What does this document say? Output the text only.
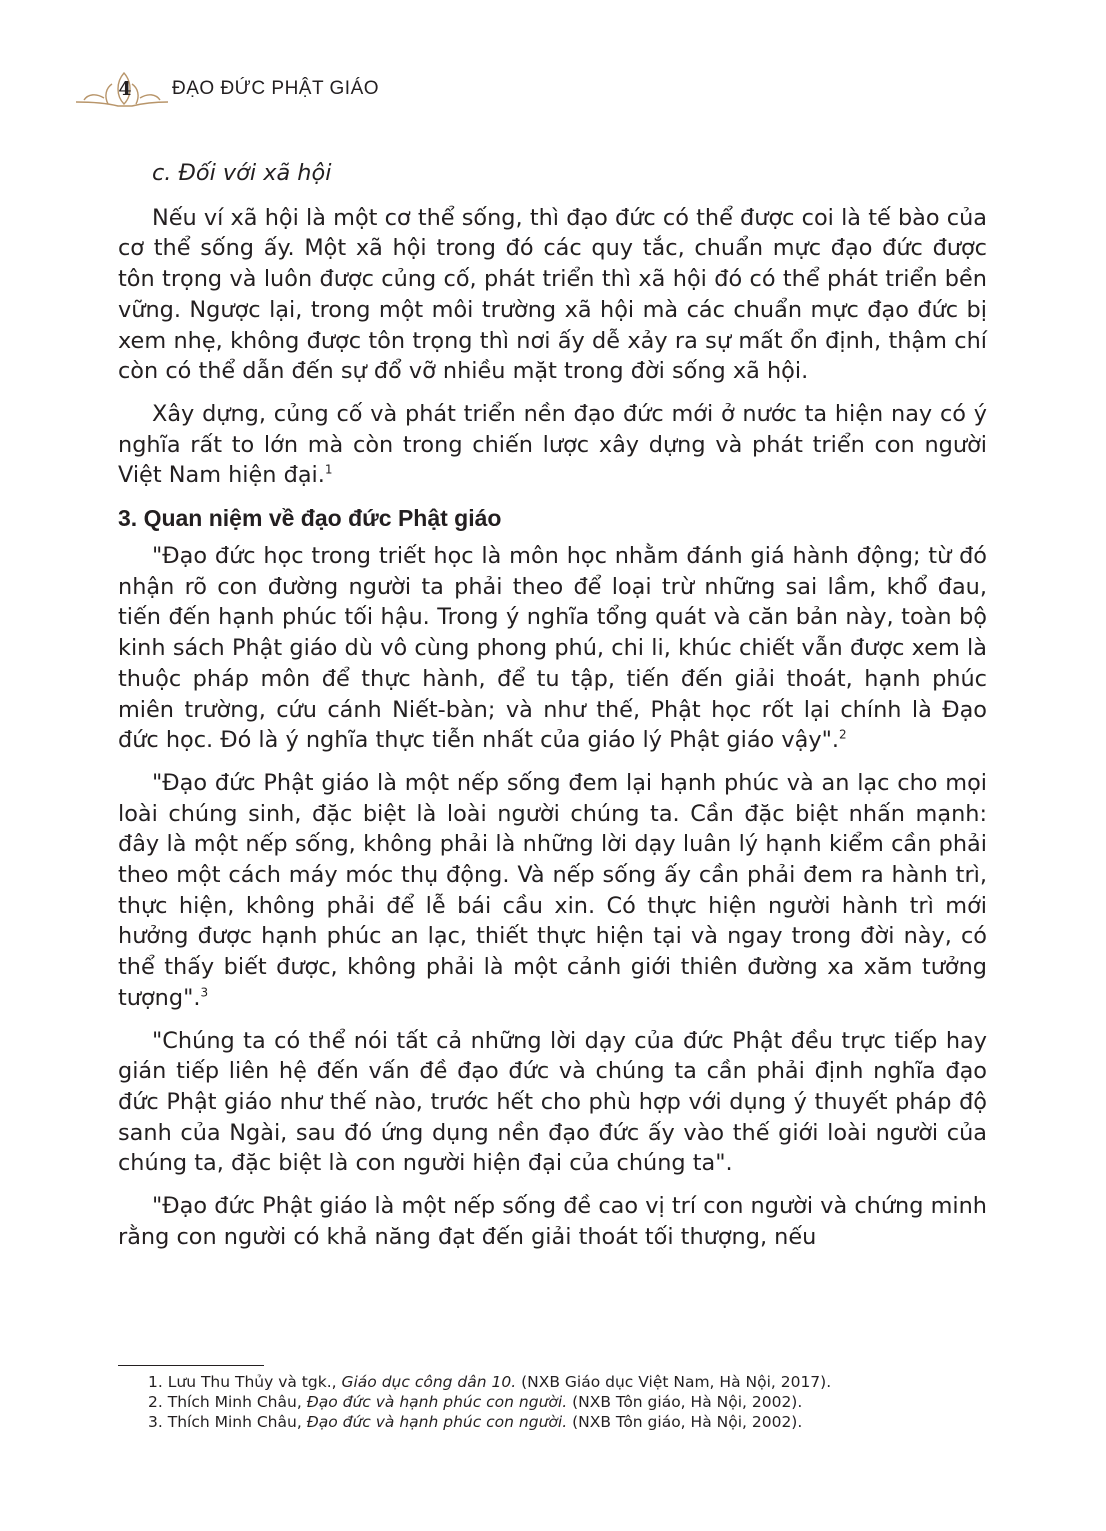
4 ĐẠO ĐỨC PHẬT GIÁO

c. Đối với xã hội

Nếu ví xã hội là một cơ thể sống, thì đạo đức có thể được coi là tế bào của cơ thể sống ấy. Một xã hội trong đó các quy tắc, chuẩn mực đạo đức được tôn trọng và luôn được củng cố, phát triển thì xã hội đó có thể phát triển bền vững. Ngược lại, trong một môi trường xã hội mà các chuẩn mực đạo đức bị xem nhẹ, không được tôn trọng thì nơi ấy dễ xảy ra sự mất ổn định, thậm chí còn có thể dẫn đến sự đổ vỡ nhiều mặt trong đời sống xã hội.

Xây dựng, củng cố và phát triển nền đạo đức mới ở nước ta hiện nay có ý nghĩa rất to lớn mà còn trong chiến lược xây dựng và phát triển con người Việt Nam hiện đại.$^1$

3. Quan niệm về đạo đức Phật giáo

"Đạo đức học trong triết học là môn học nhằm đánh giá hành động; từ đó nhận rõ con đường người ta phải theo để loại trừ những sai lầm, khổ đau, tiến đến hạnh phúc tối hậu. Trong ý nghĩa tổng quát và căn bản này, toàn bộ kinh sách Phật giáo dù vô cùng phong phú, chi li, khúc chiết vẫn được xem là thuộc pháp môn để thực hành, để tu tập, tiến đến giải thoát, hạnh phúc miên trường, cứu cánh Niết-bàn; và như thế, Phật học rốt lại chính là Đạo đức học. Đó là ý nghĩa thực tiễn nhất của giáo lý Phật giáo vậy".$^2$

"Đạo đức Phật giáo là một nếp sống đem lại hạnh phúc và an lạc cho mọi loài chúng sinh, đặc biệt là loài người chúng ta. Cần đặc biệt nhấn mạnh: đây là một nếp sống, không phải là những lời dạy luân lý hạnh kiểm cần phải theo một cách máy móc thụ động. Và nếp sống ấy cần phải đem ra hành trì, thực hiện, không phải để lễ bái cầu xin. Có thực hiện người hành trì mới hưởng được hạnh phúc an lạc, thiết thực hiện tại và ngay trong đời này, có thể thấy biết được, không phải là một cảnh giới thiên đường xa xăm tưởng tượng".$^3$

"Chúng ta có thể nói tất cả những lời dạy của đức Phật đều trực tiếp hay gián tiếp liên hệ đến vấn đề đạo đức và chúng ta cần phải định nghĩa đạo đức Phật giáo như thế nào, trước hết cho phù hợp với dụng ý thuyết pháp độ sanh của Ngài, sau đó ứng dụng nền đạo đức ấy vào thế giới loài người của chúng ta, đặc biệt là con người hiện đại của chúng ta".

"Đạo đức Phật giáo là một nếp sống đề cao vị trí con người và chứng minh rằng con người có khả năng đạt đến giải thoát tối thượng, nếu

1. Lưu Thu Thủy và tgk., Giáo dục công dân 10. (NXB Giáo dục Việt Nam, Hà Nội, 2017).
2. Thích Minh Châu, Đạo đức và hạnh phúc con người. (NXB Tôn giáo, Hà Nội, 2002).
3. Thích Minh Châu, Đạo đức và hạnh phúc con người. (NXB Tôn giáo, Hà Nội, 2002).
